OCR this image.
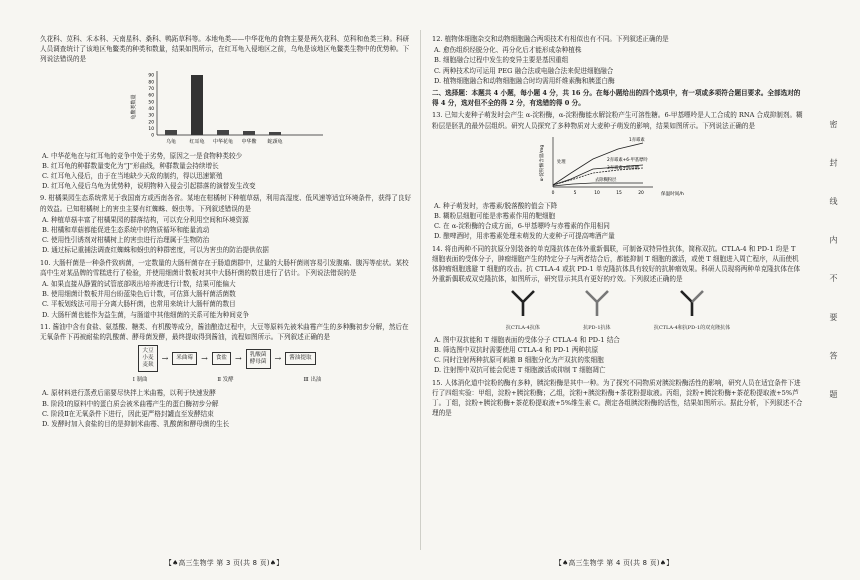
久花科、苋科、禾本科、天南星科、桑科、鸭跖草科等。本地龟类——中华花龟的食物主要是两久花科、苋科和鱼类三种。科研人员调查统计了该地区龟鳖类的种类和数量，结果如图所示，在红耳龟入侵地区之前，乌龟是该地区龟鳖类生物中的优势种。下列说法错误的是
龟鳖类数量
0
10
20
30
40
50
60
70
80
90
乌龟	红耳龟 中华花龟 中华鳖 蛇颈龟
A. 中华花龟在与红耳龟的竞争中处于劣势，原因之一是食物种类较少
B. 红耳龟的种群数量变化为“J”形曲线，种群数量会持续增长
C. 红耳龟入侵后，由于在当地缺少天敌的制约，得以迅速繁殖
D. 红耳龟入侵后乌龟为优势种，说明物种入侵会引起群落的演替发生改变
9. 柑橘果园生态系统常见于我国南方或西南各省。某地在柑橘树下种植草菇，利用高湿度、低风速等适宜环境条件，获得了良好的效益。已知柑橘树上的害虫主要有红蜘蛛、蚜虫等。下列叙述错误的是
A. 种植草菇丰富了柑橘果园的群落结构，可以充分利用空间和环境资源
B. 柑橘和草菇都能促进生态系统中的物质循环和能量流动
C. 使用性引诱剂对柑橘树上的害虫进行治理属于生物防治
D. 通过标记重捕法调查红蜘蛛和蚜虫的种群密度，可以为害虫的防治提供依据
10. 大肠杆菌是一种条件致病菌，一定数量的大肠杆菌存在于肠道菌群中，过量的大肠杆菌则容易引发腹痛、腹泻等症状。某校高中生对某品牌的雪糕进行了检验，并使用细菌计数板对其中大肠杆菌的数目进行了估计。下列说法错误的是
A. 如果直接从静置的试管底部吸出培养液进行计数，结果可能偏大
B. 使用细菌计数板并用台盼蓝染色后计数，可估算大肠杆菌活菌数
C. 平板划线法可用于分离大肠杆菌，也常用来统计大肠杆菌的数目
D. 大肠杆菌也能作为益生菌，与肠道中其他细菌的关系可能为种间竞争
11. 酱油中含有食盐、氨基酸、糖类、有机酸等成分，酱油酿造过程中，大豆等原料先被米曲霉产生的多种酶初步分解，然后在无氧条件下再被耐盐的乳酸菌、酵母菌发酵，最终提取得到酱油，流程如图所示。下列叙述正确的是
大豆
小麦
麦麸
→	米曲霉	→	食盐	→	乳酸菌
酵母菌	→	酱油提取
Ⅰ 制曲	Ⅱ 发酵	Ⅲ 出油
A. 原材料进行蒸煮后需要尽快拌上米曲霉，以利于快速发酵
B. 阶段Ⅰ的原料中的蛋白质会被米曲霉产生的蛋白酶初步分解
C. 阶段Ⅱ在无氧条件下进行，因此更严格封罐直至发酵结束
D. 发酵时加入食盐的目的是抑制米曲霉、乳酸菌和酵母菌的生长
12. 植物体细胞杂交和动物细胞融合两项技术有相似也有不同。下列叙述正确的是
A. 愈伤组织经脱分化、再分化后才能形成杂种植株
B. 细胞融合过程中发生的变异主要是基因重组
C. 两种技术均可运用 PEG 融合法或电融合法来促进细胞融合
D. 植物细胞融合和动物细胞融合时均需用纤维素酶和胰蛋白酶
二、选择题：本题共 4 小题，每小题 4 分，共 16 分。在每小题给出的四个选项中，有一项或多项符合题目要求。全部选对的得 4 分，选对但不全的得 2 分，有选错的得 0 分。
13. 已知大麦种子萌发时会产生 α-淀粉酶，α-淀粉酶能水解淀粉产生可溶性糖。6-甲基嘌呤是人工合成的 RNA 合成抑制剂。糊粉层是胚乳的最外层组织。研究人员探究了多种物质对大麦种子萌发的影响，结果如图所示。下列说法正确的是
α-淀粉酶含量/mg
1赤霉素
2赤霉素+6-甲基嘌呤
3赤霉素+脱落酸
去除糊粉层
处理
0	5	10	15	20	保温时间/h
A. 种子萌发时，赤霉素/脱落酸的值会下降
B. 糊粉层细胞可能是赤霉素作用的靶细胞
C. 在 α-淀粉酶的合成方面，6-甲基嘌呤与赤霉素的作用相同
D. 酿啤酒时，用赤霉素处理未萌发的大麦种子可提高啤酒产量
14. 将由两种不同的抗原分别装备的单克隆抗体在体外重新偶联，可制备双特异性抗体，简称双抗。CTLA-4 和 PD-1 均是 T 细胞表面的受体分子，肿瘤细胞产生的特定分子与两者结合后，都能抑制 T 细胞的激活，或使 T 细胞进入周亡程序，从而使机体肿瘤细胞逃避 T 细胞的攻击。抗 CTLA-4 或抗 PD-1 单克隆抗体具有较好的抗肿瘤效果。科研人员现将两种单克隆抗体在体外重新偶联成双克隆抗体，如图所示，研究显示其具有更好的疗效。下列叙述正确的是
抗CTLA-4抗体	抗PD-1抗体	抗CTLA-4和抗PD-1的双克隆抗体
A. 图中双抗能和 T 细胞表面的受体分子 CTLA-4 和 PD-1 结合
B. 筛选图中双抗时需要使用 CTLA-4 和 PD-1 两种抗原
C. 同时注射两种抗原可刺激 B 细胞分化为产双抗的浆细胞
D. 注射图中双抗可能会促进 T 细胞激活或抑制 T 细胞凋亡
15. 人体消化道中淀粉的酶有多种，胰淀粉酶是其中一种。为了探究不同物质对胰淀粉酶活性的影响，研究人员在适宜条件下进行了四组实验：甲组，淀粉+胰淀粉酶；乙组，淀粉+胰淀粉酶+茶花粉提取液。丙组，淀粉+胰淀粉酶+茶花粉提取液+5%芦丁。丁组，淀粉+胰淀粉酶+茶花粉提取液+5%维生素 C。测定各组胰淀粉酶的活性，结果如图所示。据此分析，下列叙述不合理的是
密 封 线 内 不 要 答 题
【♠高三生物学 第 3 页(共 8 页)♠】	【♠高三生物学 第 4 页(共 8 页)♠】
